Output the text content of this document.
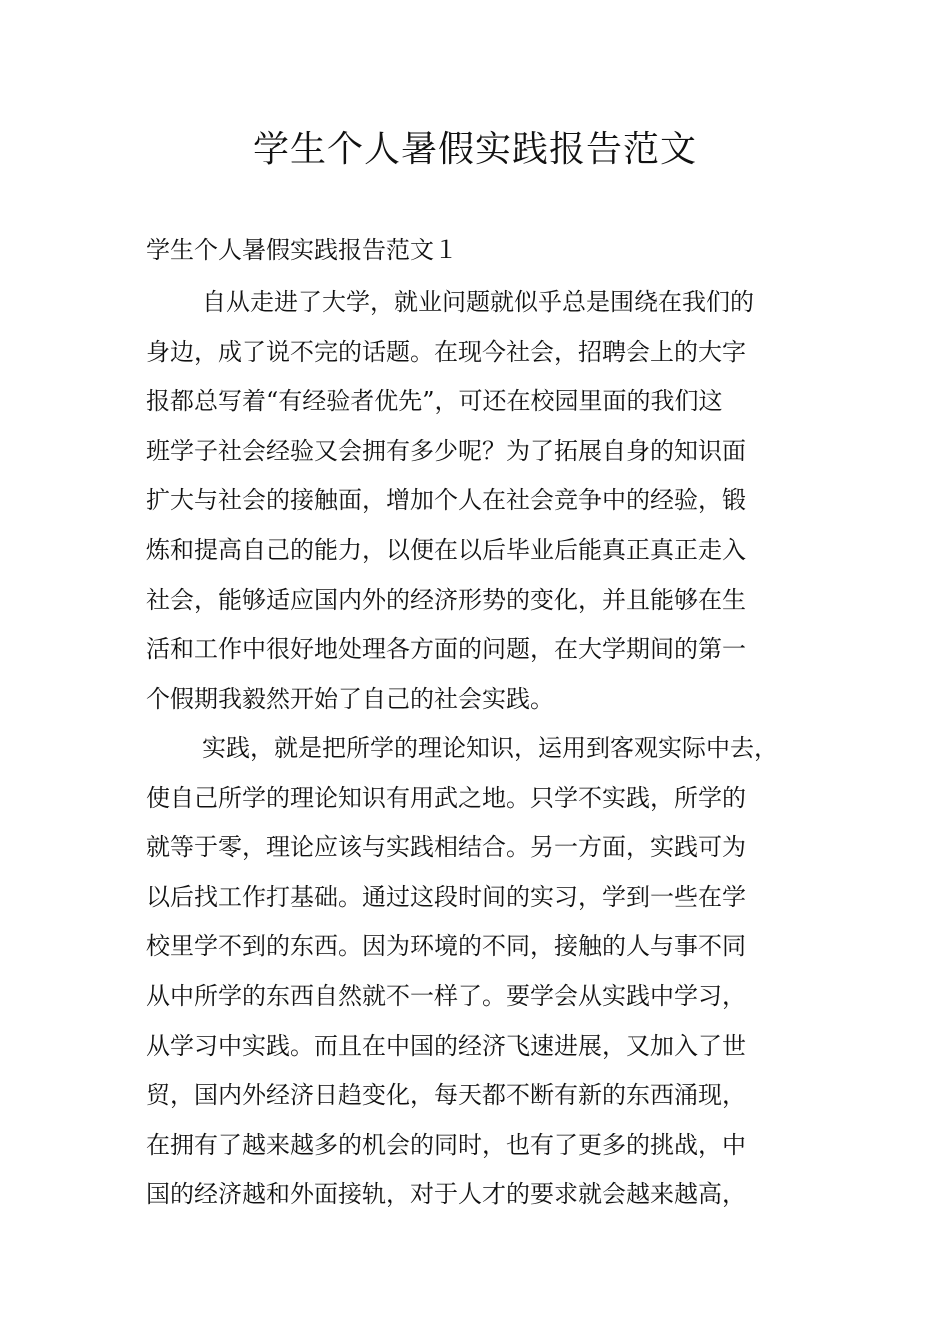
学生个人暑假实践报告范文

学生个人暑假实践报告范文１

自从走进了大学，就业问题就似乎总是围绕在我们的
身边，成了说不完的话题。在现今社会，招聘会上的大字
报都总写着“有经验者优先”，可还在校园里面的我们这
班学子社会经验又会拥有多少呢？为了拓展自身的知识面
扩大与社会的接触面，增加个人在社会竞争中的经验，锻
炼和提高自己的能力，以便在以后毕业后能真正真正走入
社会，能够适应国内外的经济形势的变化，并且能够在生
活和工作中很好地处理各方面的问题，在大学期间的第一
个假期我毅然开始了自己的社会实践。
实践，就是把所学的理论知识，运用到客观实际中去，
使自己所学的理论知识有用武之地。只学不实践，所学的
就等于零，理论应该与实践相结合。另一方面，实践可为
以后找工作打基础。通过这段时间的实习，学到一些在学
校里学不到的东西。因为环境的不同，接触的人与事不同
从中所学的东西自然就不一样了。要学会从实践中学习，
从学习中实践。而且在中国的经济飞速进展，又加入了世
贸，国内外经济日趋变化，每天都不断有新的东西涌现，
在拥有了越来越多的机会的同时，也有了更多的挑战，中
国的经济越和外面接轨，对于人才的要求就会越来越高，
